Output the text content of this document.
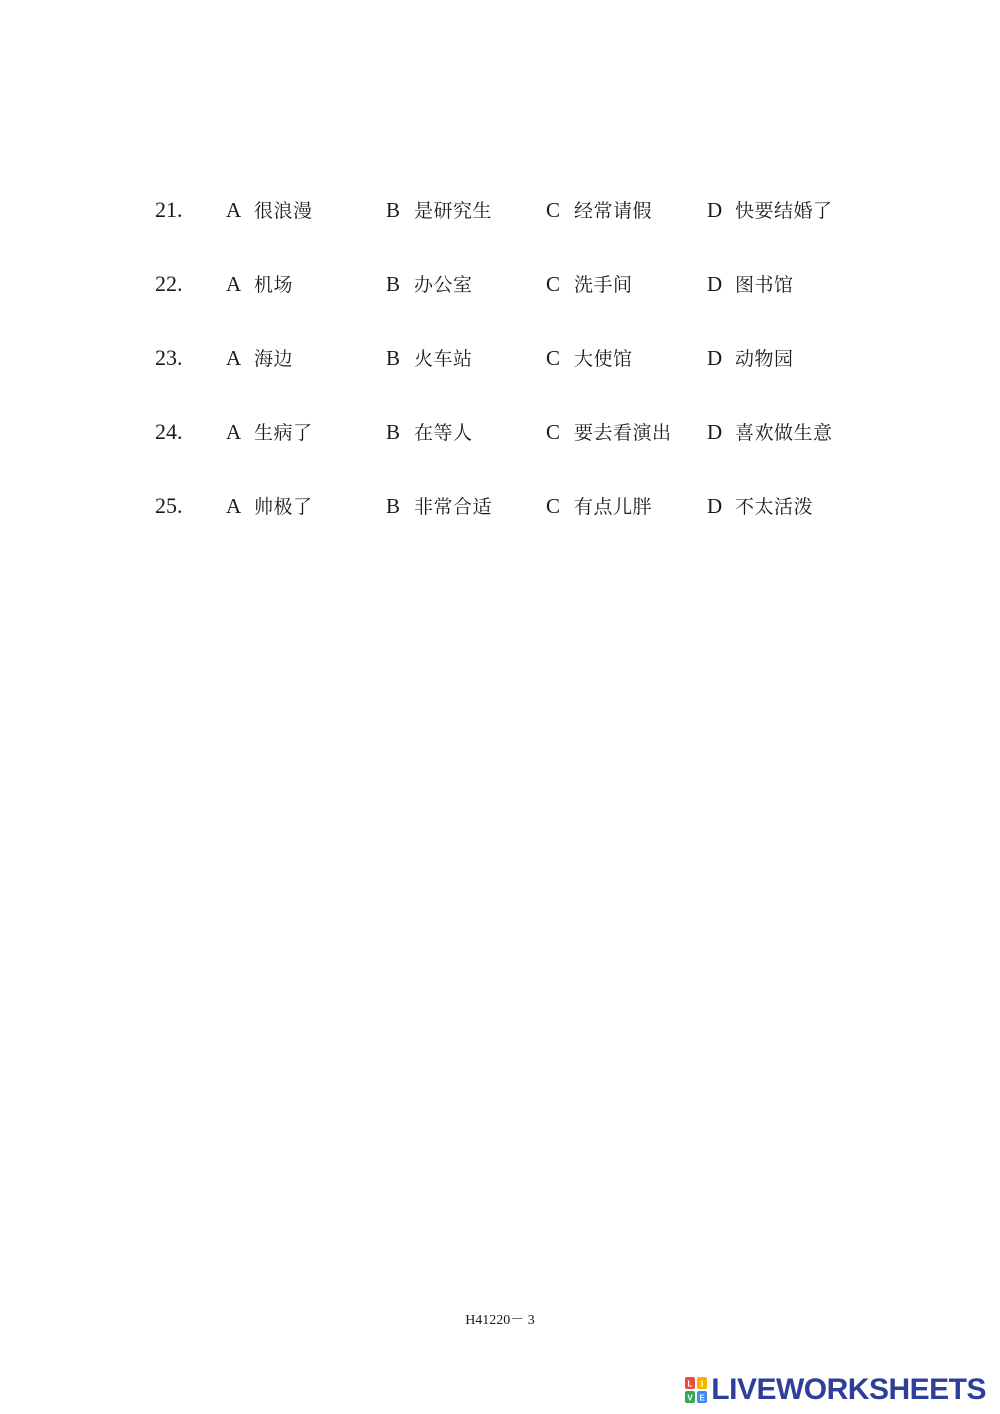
21. A 很浪漫	B 是研究生	C 经常请假	D 快要结婚了
22. A 机场	B 办公室	C 洗手间	D 图书馆
23. A 海边	B 火车站	C 大使馆	D 动物园
24. A 生病了	B 在等人	C 要去看演出 D 喜欢做生意
25. A 帅极了	B 非常合适	C 有点儿胖	D 不太活泼
H41220－ 3
L I
V E LIVEWORKSHEETS
